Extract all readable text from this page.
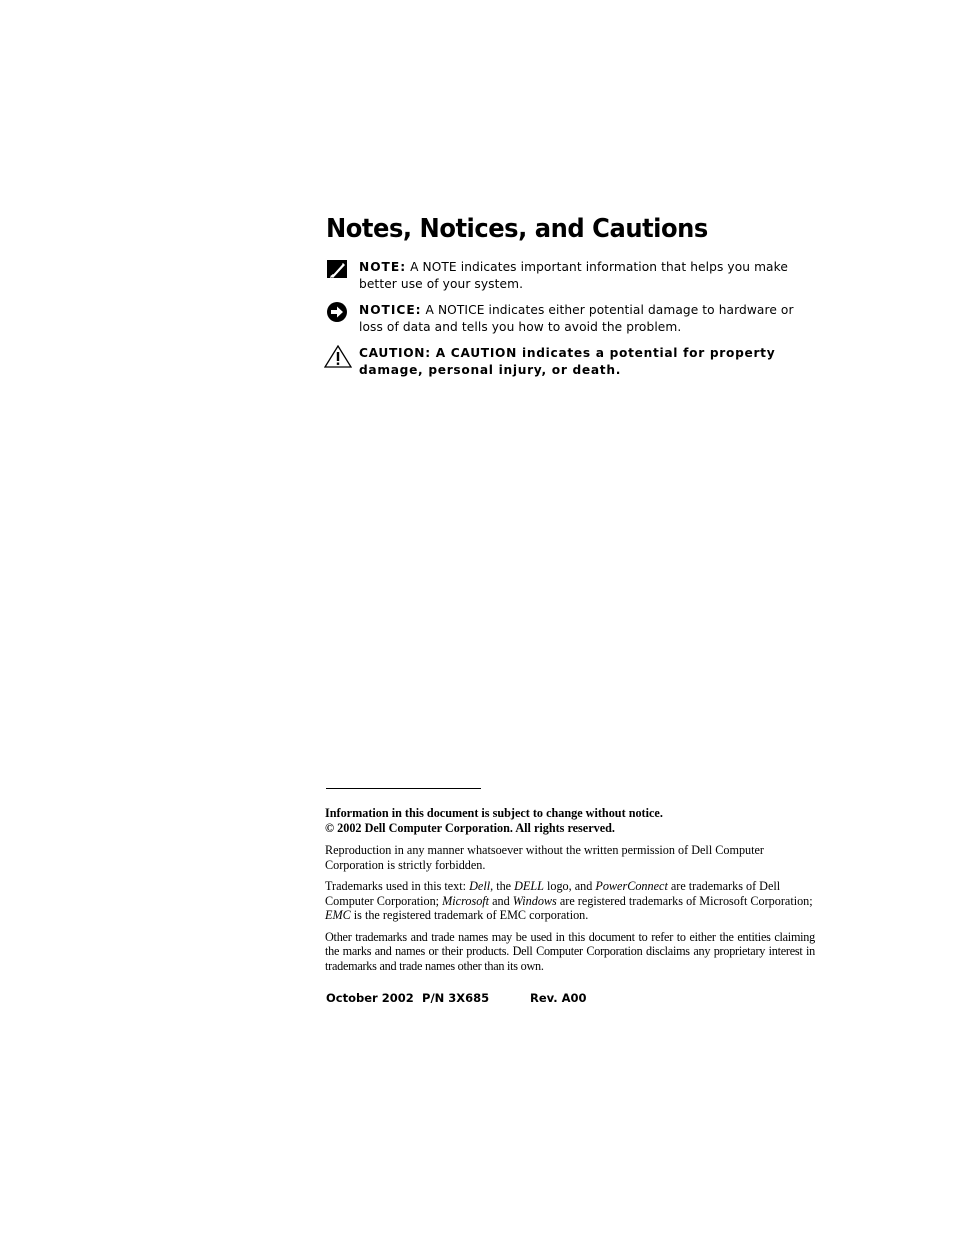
Notes, Notices, and Cautions
NOTE: A NOTE indicates important information that helps you make better use of your system.
NOTICE: A NOTICE indicates either potential damage to hardware or loss of data and tells you how to avoid the problem.
CAUTION: A CAUTION indicates a potential for property damage, personal injury, or death.

Information in this document is subject to change without notice.
© 2002 Dell Computer Corporation. All rights reserved.

Reproduction in any manner whatsoever without the written permission of Dell Computer Corporation is strictly forbidden.

Trademarks used in this text: Dell, the DELL logo, and PowerConnect are trademarks of Dell Computer Corporation; Microsoft and Windows are registered trademarks of Microsoft Corporation; EMC is the registered trademark of EMC corporation.

Other trademarks and trade names may be used in this document to refer to either the entities claiming the marks and names or their products. Dell Computer Corporation disclaims any proprietary interest in trademarks and trade names other than its own.

October 2002 P/N 3X685	Rev. A00
